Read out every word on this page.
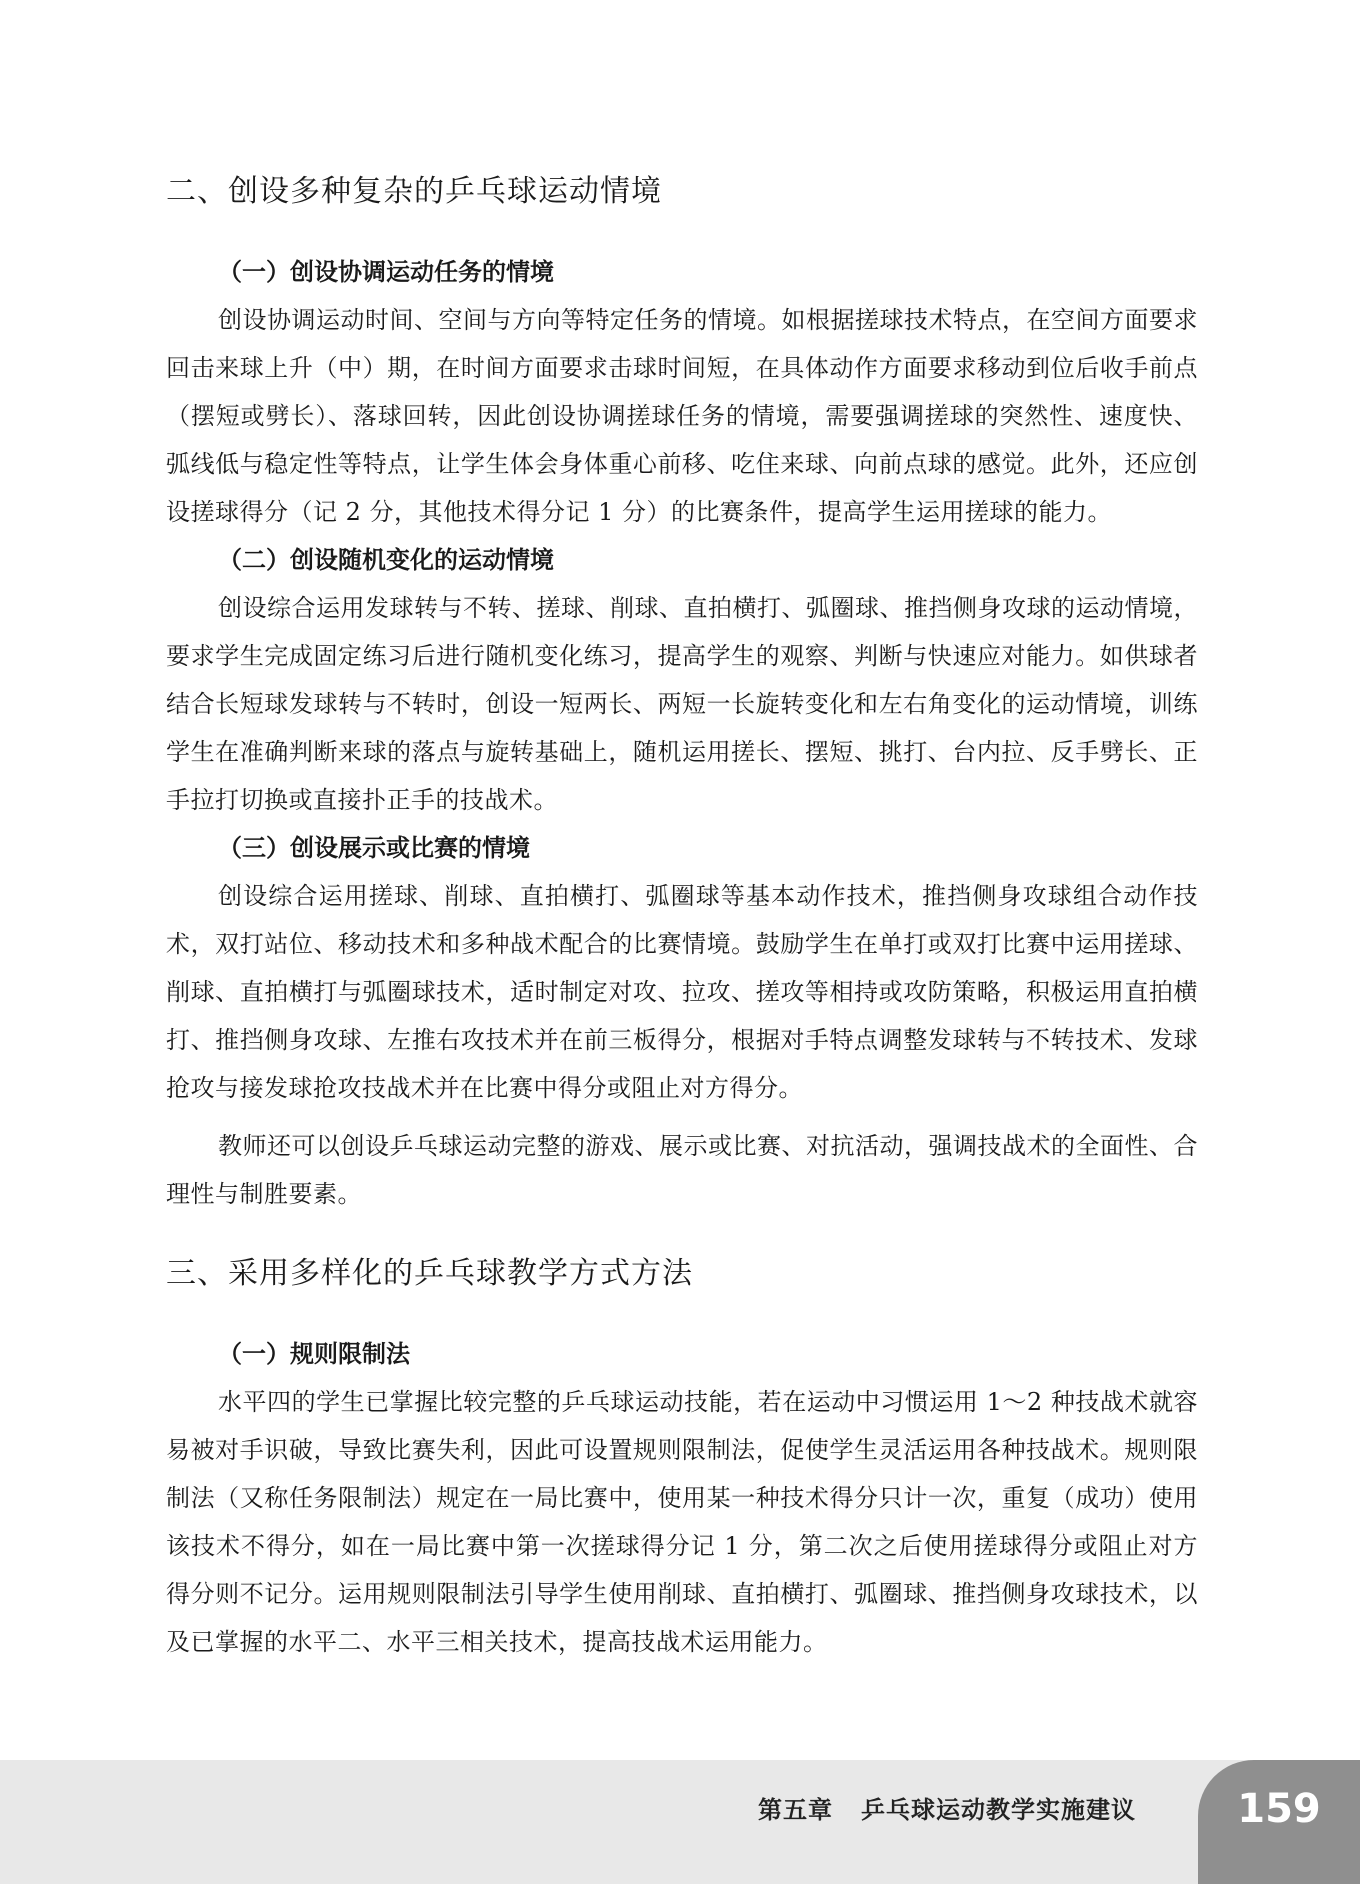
二、创设多种复杂的乒乓球运动情境
（一）创设协调运动任务的情境

创设协调运动时间、空间与方向等特定任务的情境。如根据搓球技术特点，在空间方面要求回击来球上升（中）期，在时间方面要求击球时间短，在具体动作方面要求移动到位后收手前点（摆短或劈长）、落球回转，因此创设协调搓球任务的情境，需要强调搓球的突然性、速度快、弧线低与稳定性等特点，让学生体会身体重心前移、吃住来球、向前点球的感觉。此外，还应创设搓球得分（记 2 分，其他技术得分记 1 分）的比赛条件，提高学生运用搓球的能力。

（二）创设随机变化的运动情境

创设综合运用发球转与不转、搓球、削球、直拍横打、弧圈球、推挡侧身攻球的运动情境，要求学生完成固定练习后进行随机变化练习，提高学生的观察、判断与快速应对能力。如供球者结合长短球发球转与不转时，创设一短两长、两短一长旋转变化和左右角变化的运动情境，训练学生在准确判断来球的落点与旋转基础上，随机运用搓长、摆短、挑打、台内拉、反手劈长、正手拉打切换或直接扑正手的技战术。

（三）创设展示或比赛的情境

创设综合运用搓球、削球、直拍横打、弧圈球等基本动作技术，推挡侧身攻球组合动作技术，双打站位、移动技术和多种战术配合的比赛情境。鼓励学生在单打或双打比赛中运用搓球、削球、直拍横打与弧圈球技术，适时制定对攻、拉攻、搓攻等相持或攻防策略，积极运用直拍横打、推挡侧身攻球、左推右攻技术并在前三板得分，根据对手特点调整发球转与不转技术、发球抢攻与接发球抢攻技战术并在比赛中得分或阻止对方得分。

教师还可以创设乒乓球运动完整的游戏、展示或比赛、对抗活动，强调技战术的全面性、合理性与制胜要素。

三、采用多样化的乒乓球教学方式方法
（一）规则限制法

水平四的学生已掌握比较完整的乒乓球运动技能，若在运动中习惯运用 1～2 种技战术就容易被对手识破，导致比赛失利，因此可设置规则限制法，促使学生灵活运用各种技战术。规则限制法（又称任务限制法）规定在一局比赛中，使用某一种技术得分只计一次，重复（成功）使用该技术不得分，如在一局比赛中第一次搓球得分记 1 分，第二次之后使用搓球得分或阻止对方得分则不记分。运用规则限制法引导学生使用削球、直拍横打、弧圈球、推挡侧身攻球技术，以及已掌握的水平二、水平三相关技术，提高技战术运用能力。

第五章 乒乓球运动教学实施建议	159
